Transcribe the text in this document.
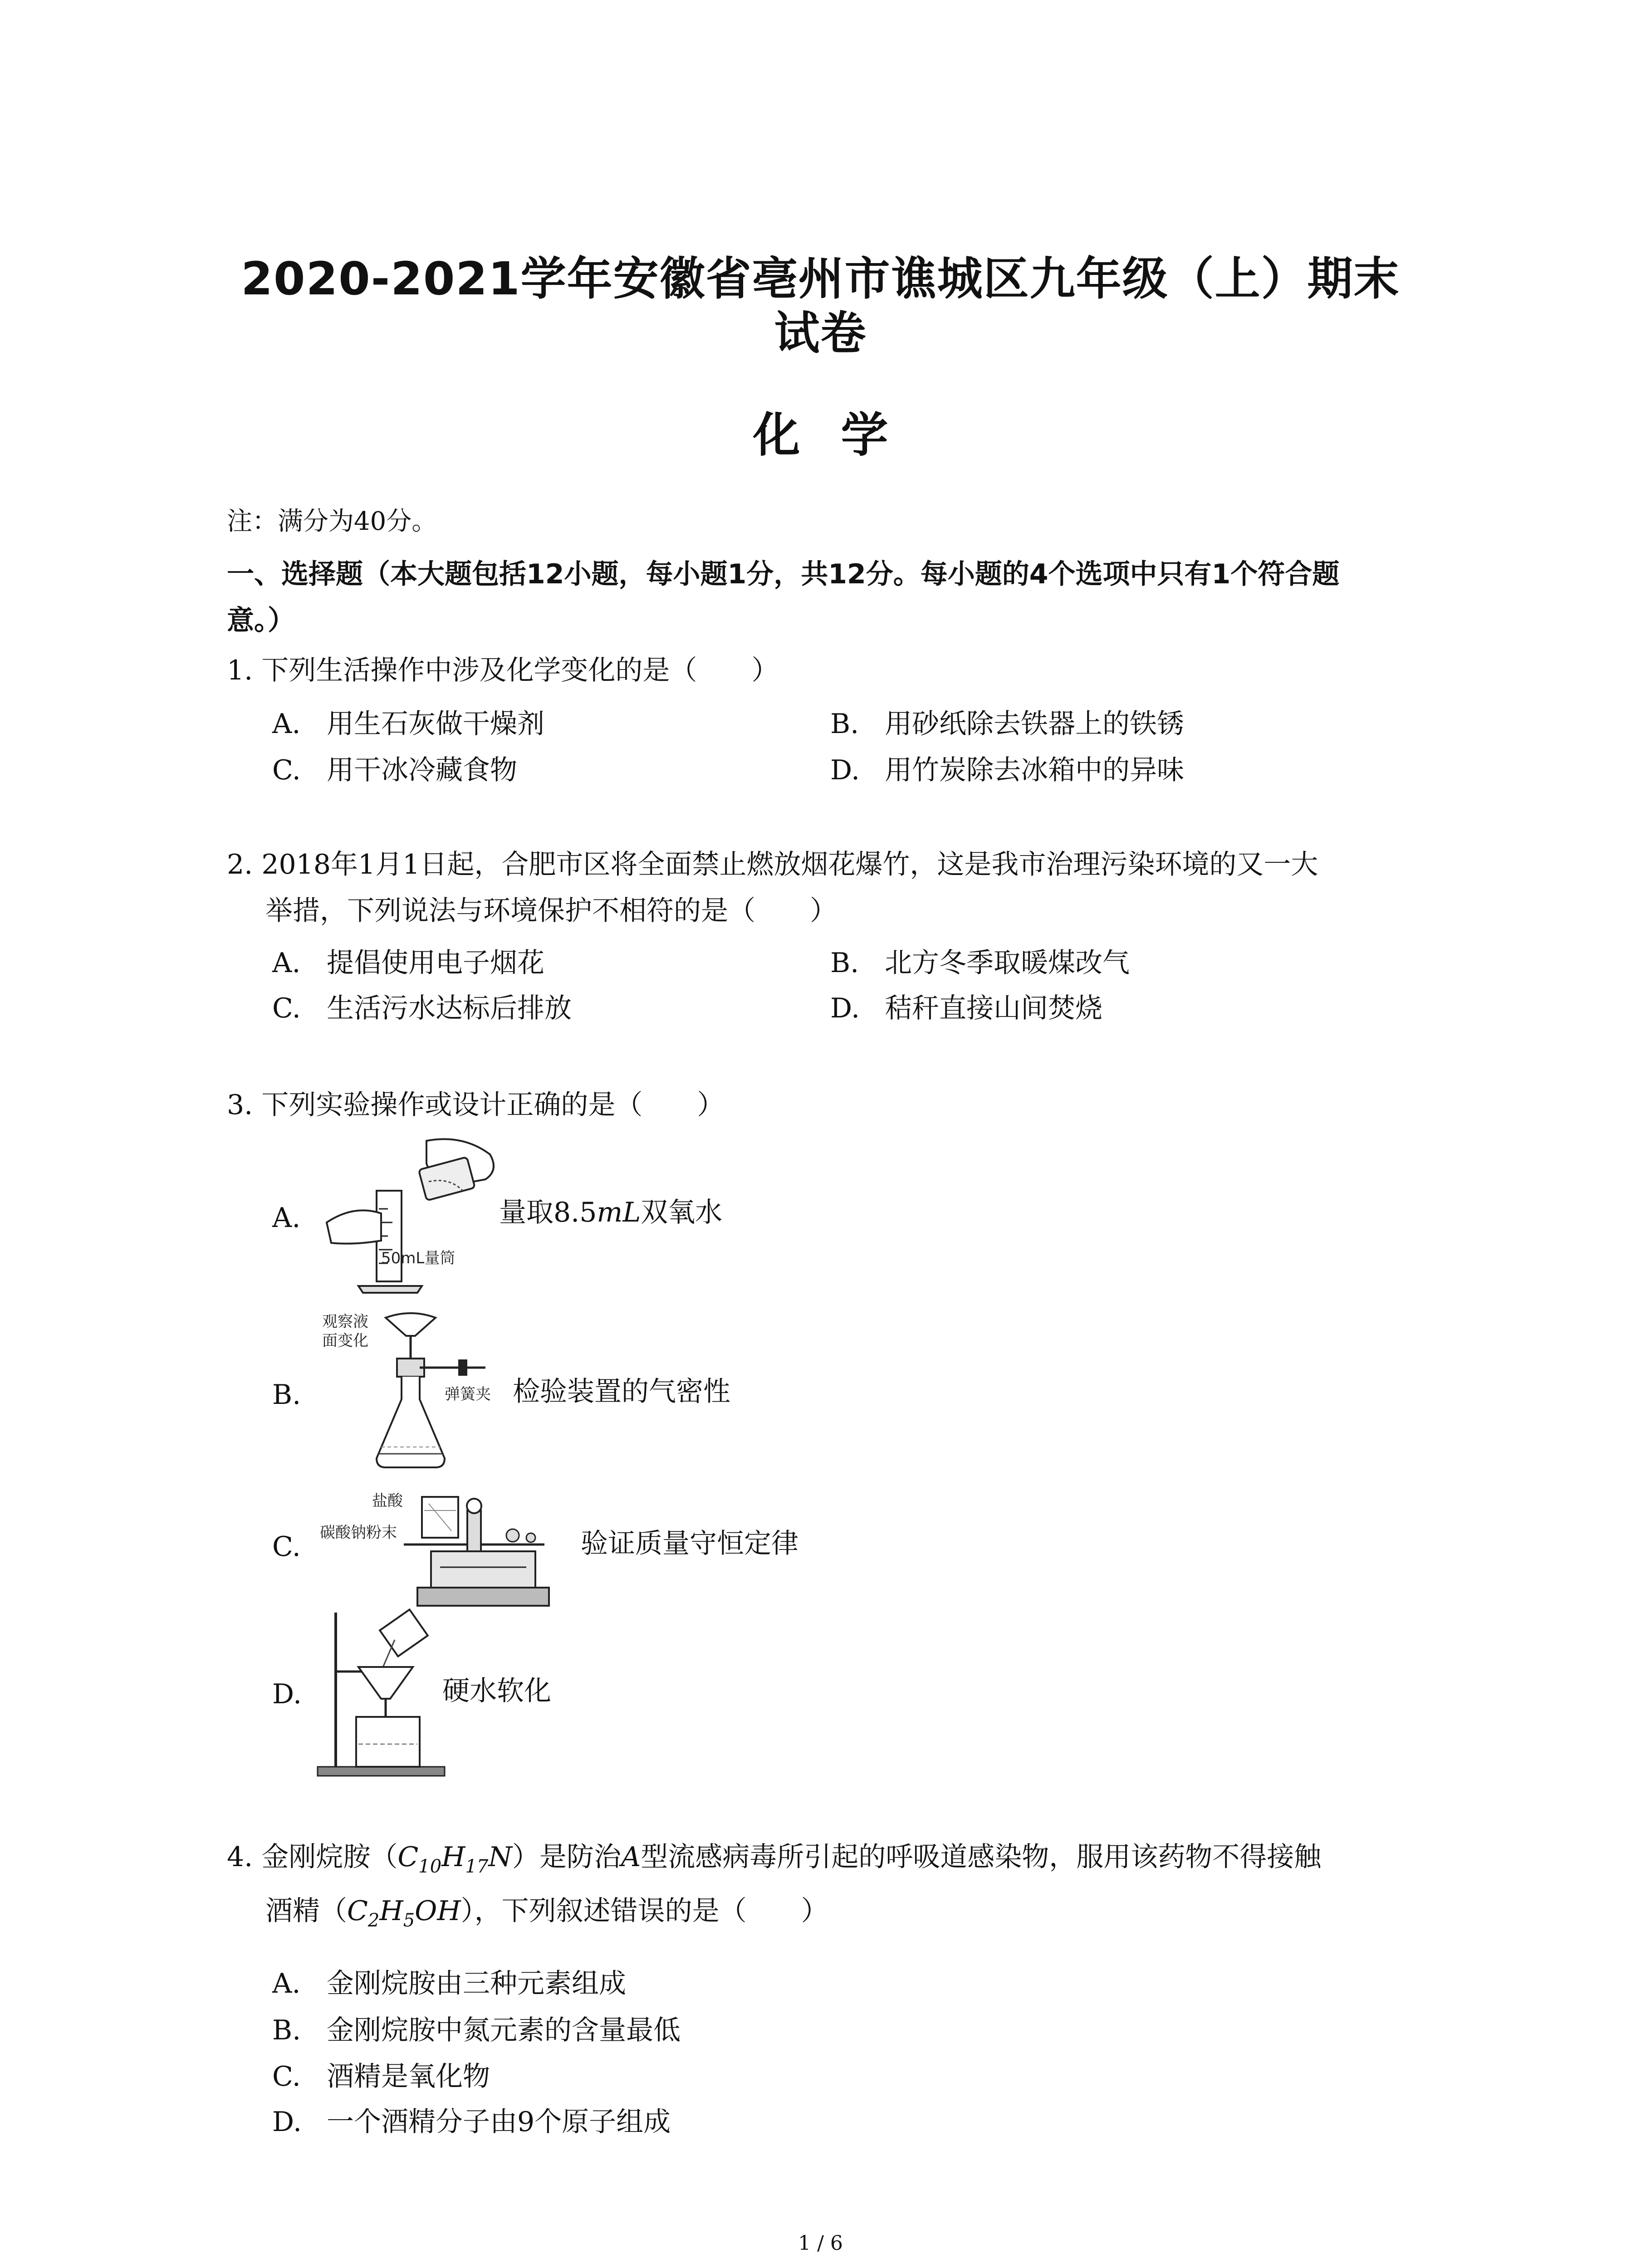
2020-2021学年安徽省亳州市谯城区九年级（上）期末
试卷
化 学
注：满分为40分。
一、选择题（本大题包括12小题，每小题1分，共12分。每小题的4个选项中只有1个符合题
意。）
1. 下列生活操作中涉及化学变化的是（　　）
A. 用生石灰做干燥剂	B. 用砂纸除去铁器上的铁锈
C. 用干冰冷藏食物	D. 用竹炭除去冰箱中的异味
2. 2018年1月1日起，合肥市区将全面禁止燃放烟花爆竹，这是我市治理污染环境的又一大
举措，下列说法与环境保护不相符的是（　　）
A. 提倡使用电子烟花	B. 北方冬季取暖煤改气
C. 生活污水达标后排放	D. 秸秆直接山间焚烧
3. 下列实验操作或设计正确的是（　　）
A.
50mL量筒
量取8.5mL双氧水
B.
观察液
面变化
弹簧夹 检验装置的气密性
C.
盐酸
碳酸钠粉末	验证质量守恒定律
D.	硬水软化
4. 金刚烷胺$(C_{10}H_{17}N)$是防治A型流感病毒所引起的呼吸道感染物，服用该药物不得接触
酒精$(C_2H_5OH)$，下列叙述错误的是（　　）
A. 金刚烷胺由三种元素组成
B. 金刚烷胺中氮元素的含量最低
C. 酒精是氧化物
D. 一个酒精分子由9个原子组成
1 / 6
